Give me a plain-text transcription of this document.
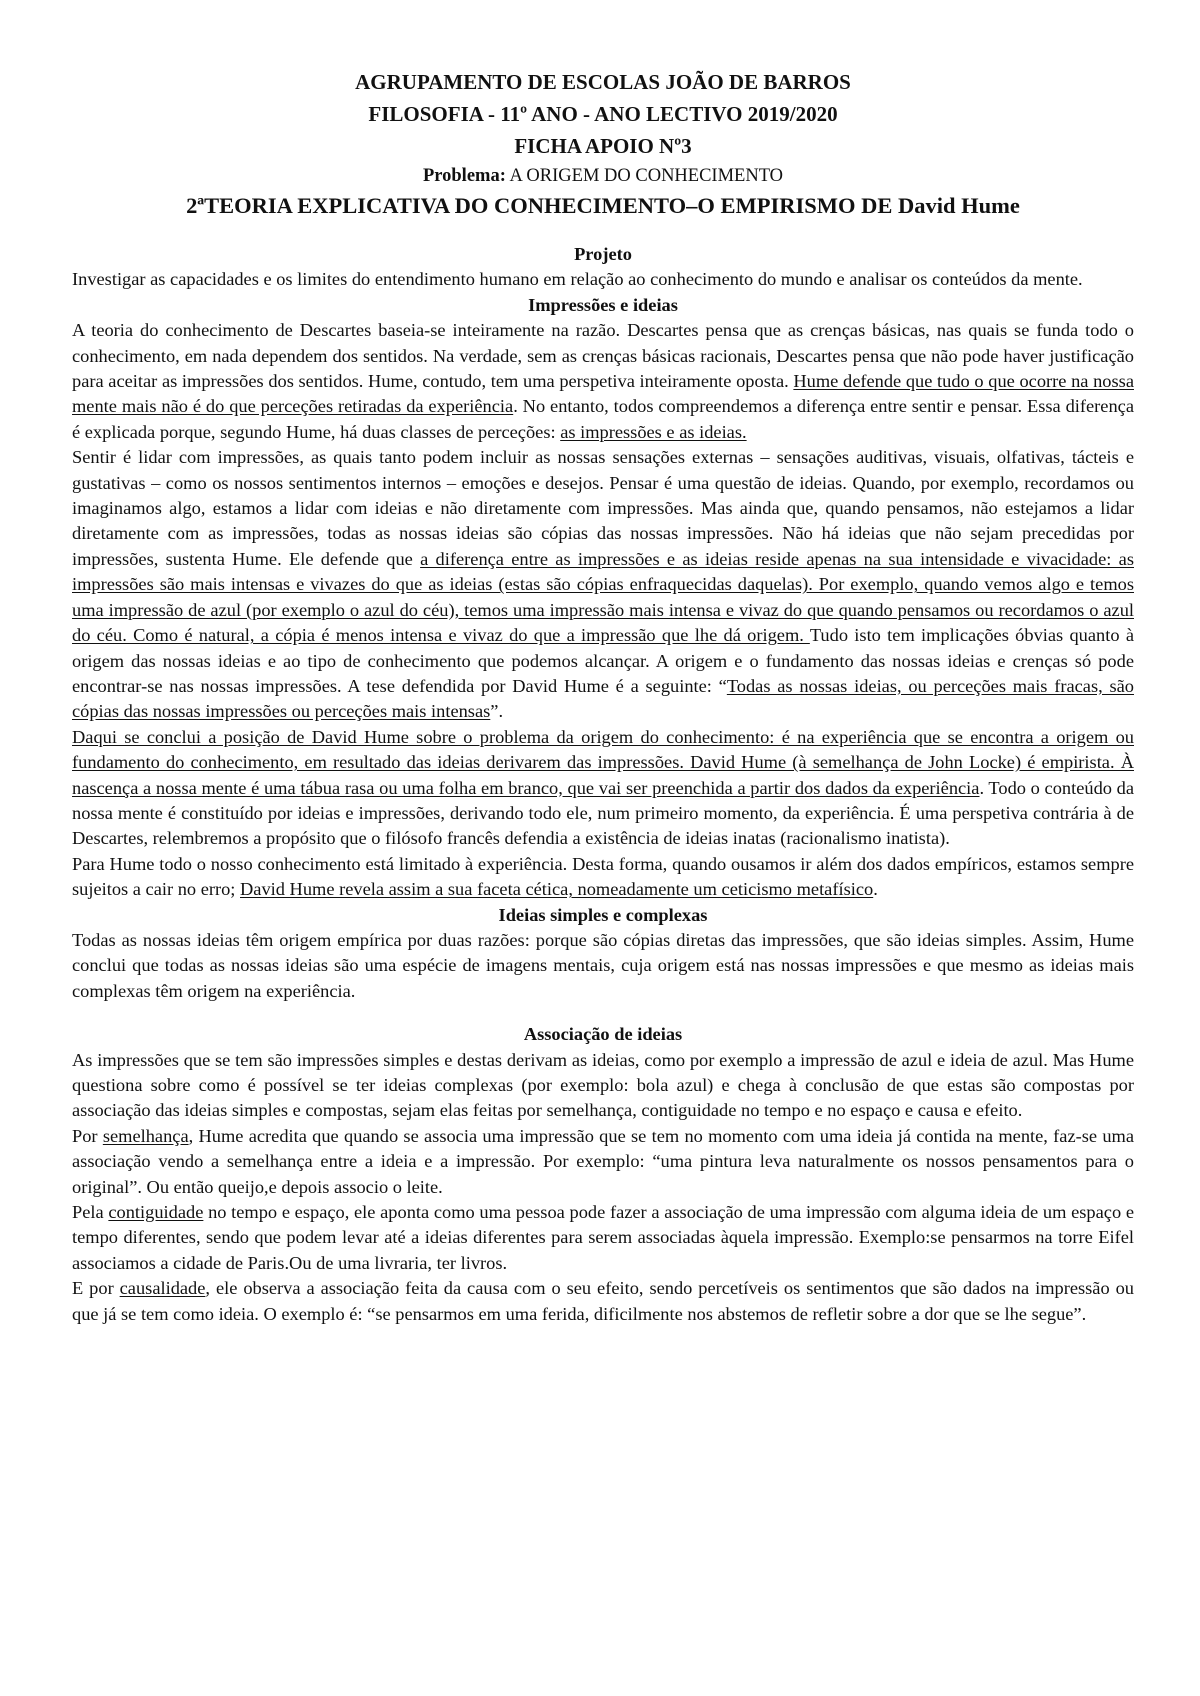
AGRUPAMENTO DE ESCOLAS JOÃO DE BARROS
FILOSOFIA - 11º ANO - ANO LECTIVO 2019/2020
FICHA APOIO Nº3
Problema: A ORIGEM DO CONHECIMENTO
2ªTEORIA EXPLICATIVA DO CONHECIMENTO–O EMPIRISMO DE David Hume
Projeto

Investigar as capacidades e os limites do entendimento humano em relação ao conhecimento do mundo e analisar os conteúdos da mente.

Impressões e ideias

A teoria do conhecimento de Descartes baseia-se inteiramente na razão. Descartes pensa que as crenças básicas, nas quais se funda todo o conhecimento, em nada dependem dos sentidos. Na verdade, sem as crenças básicas racionais, Descartes pensa que não pode haver justificação para aceitar as impressões dos sentidos. Hume, contudo, tem uma perspetiva inteiramente oposta. Hume defende que tudo o que ocorre na nossa mente mais não é do que perceções retiradas da experiência. No entanto, todos compreendemos a diferença entre sentir e pensar. Essa diferença é explicada porque, segundo Hume, há duas classes de perceções: as impressões e as ideias.

Sentir é lidar com impressões, as quais tanto podem incluir as nossas sensações externas – sensações auditivas, visuais, olfativas, tácteis e gustativas – como os nossos sentimentos internos – emoções e desejos. Pensar é uma questão de ideias. Quando, por exemplo, recordamos ou imaginamos algo, estamos a lidar com ideias e não diretamente com impressões. Mas ainda que, quando pensamos, não estejamos a lidar diretamente com as impressões, todas as nossas ideias são cópias das nossas impressões. Não há ideias que não sejam precedidas por impressões, sustenta Hume. Ele defende que a diferença entre as impressões e as ideias reside apenas na sua intensidade e vivacidade: as impressões são mais intensas e vivazes do que as ideias (estas são cópias enfraquecidas daquelas). Por exemplo, quando vemos algo e temos uma impressão de azul (por exemplo o azul do céu), temos uma impressão mais intensa e vivaz do que quando pensamos ou recordamos o azul do céu. Como é natural, a cópia é menos intensa e vivaz do que a impressão que lhe dá origem. Tudo isto tem implicações óbvias quanto à origem das nossas ideias e ao tipo de conhecimento que podemos alcançar. A origem e o fundamento das nossas ideias e crenças só pode encontrar-se nas nossas impressões. A tese defendida por David Hume é a seguinte: “Todas as nossas ideias, ou perceções mais fracas, são cópias das nossas impressões ou perceções mais intensas”.

Daqui se conclui a posição de David Hume sobre o problema da origem do conhecimento: é na experiência que se encontra a origem ou fundamento do conhecimento, em resultado das ideias derivarem das impressões. David Hume (à semelhança de John Locke) é empirista. À nascença a nossa mente é uma tábua rasa ou uma folha em branco, que vai ser preenchida a partir dos dados da experiência. Todo o conteúdo da nossa mente é constituído por ideias e impressões, derivando todo ele, num primeiro momento, da experiência. É uma perspetiva contrária à de Descartes, relembremos a propósito que o filósofo francês defendia a existência de ideias inatas (racionalismo inatista).

Para Hume todo o nosso conhecimento está limitado à experiência. Desta forma, quando ousamos ir além dos dados empíricos, estamos sempre sujeitos a cair no erro; David Hume revela assim a sua faceta cética, nomeadamente um ceticismo metafísico.

Ideias simples e complexas

Todas as nossas ideias têm origem empírica por duas razões: porque são cópias diretas das impressões, que são ideias simples. Assim, Hume conclui que todas as nossas ideias são uma espécie de imagens mentais, cuja origem está nas nossas impressões e que mesmo as ideias mais complexas têm origem na experiência.

Associação de ideias

As impressões que se tem são impressões simples e destas derivam as ideias, como por exemplo a impressão de azul e ideia de azul. Mas Hume questiona sobre como é possível se ter ideias complexas (por exemplo: bola azul) e chega à conclusão de que estas são compostas por associação das ideias simples e compostas, sejam elas feitas por semelhança, contiguidade no tempo e no espaço e causa e efeito.

Por semelhança, Hume acredita que quando se associa uma impressão que se tem no momento com uma ideia já contida na mente, faz-se uma associação vendo a semelhança entre a ideia e a impressão. Por exemplo: “uma pintura leva naturalmente os nossos pensamentos para o original”. Ou então queijo,e depois associo o leite.

Pela contiguidade no tempo e espaço, ele aponta como uma pessoa pode fazer a associação de uma impressão com alguma ideia de um espaço e tempo diferentes, sendo que podem levar até a ideias diferentes para serem associadas àquela impressão. Exemplo:se pensarmos na torre Eifel associamos a cidade de Paris.Ou de uma livraria, ter livros.

E por causalidade, ele observa a associação feita da causa com o seu efeito, sendo percetíveis os sentimentos que são dados na impressão ou que já se tem como ideia. O exemplo é: “se pensarmos em uma ferida, dificilmente nos abstemos de refletir sobre a dor que se lhe segue”.
